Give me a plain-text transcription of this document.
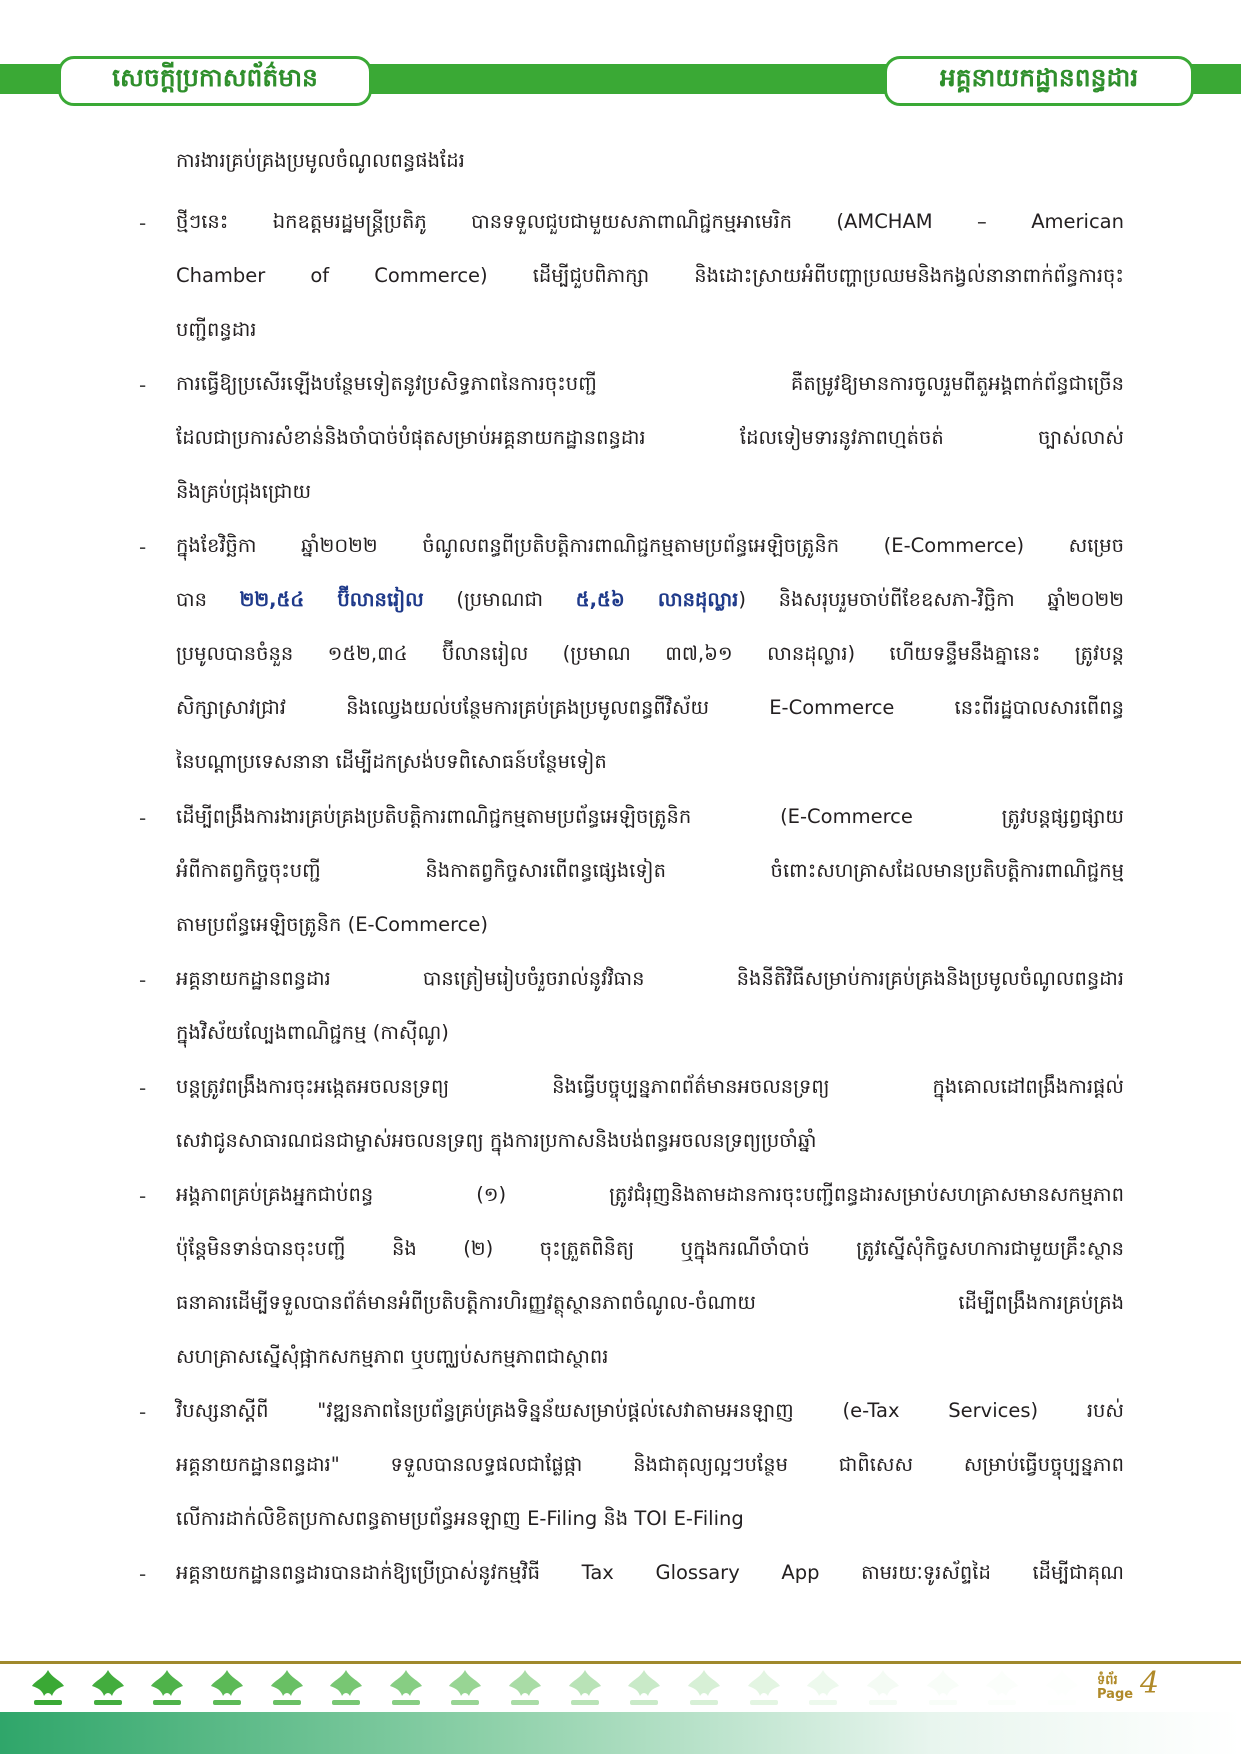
សេចក្តីប្រកាសព័ត៌មាន	អគ្គនាយកដ្ឋានពន្ធដារ
ការងារគ្រប់គ្រងប្រមូលចំណូលពន្ធផងដែរ
- ថ្មីៗនេះ ឯកឧត្តមរដ្ឋមន្ត្រីប្រតិភូ បានទទួលជួបជាមួយសភាពាណិជ្ជកម្មអាមេរិក (AMCHAM – American
Chamber of Commerce) ដើម្បីជួបពិភាក្សា និងដោះស្រាយអំពីបញ្ហាប្រឈមនិងកង្វល់នានាពាក់ព័ន្ធការចុះ
បញ្ជីពន្ធដារ
- ការធ្វើឱ្យប្រសើរឡើងបន្ថែមទៀតនូវប្រសិទ្ធភាពនៃការចុះបញ្ជី គឺតម្រូវឱ្យមានការចូលរួមពីតួអង្គពាក់ព័ន្ធជាច្រើន
ដែលជាប្រការសំខាន់និងចាំបាច់បំផុតសម្រាប់អគ្គនាយកដ្ឋានពន្ធដារ ដែលទៀមទារនូវភាពហ្មត់ចត់ ច្បាស់លាស់
និងគ្រប់ជ្រុងជ្រោយ
- ក្នុងខែវិច្ឆិកា ឆ្នាំ២០២២ ចំណូលពន្ធពីប្រតិបត្តិការពាណិជ្ជកម្មតាមប្រព័ន្ធអេឡិចត្រូនិក (E-Commerce) សម្រេច
បាន ២២,៥៤ ប៊ីលានរៀល (ប្រមាណជា ៥,៥៦ លានដុល្លារ) និងសរុបរួមចាប់ពីខែឧសភា-វិច្ឆិកា ឆ្នាំ២០២២
ប្រមូលបានចំនួន ១៥២,៣៤ ប៊ីលានរៀល (ប្រមាណ ៣៧,៦១ លានដុល្លារ) ហើយទន្ទឹមនឹងគ្នានេះ ត្រូវបន្ត
សិក្សាស្រាវជ្រាវ និងឈ្វេងយល់បន្ថែមការគ្រប់គ្រងប្រមូលពន្ធពីវិស័យ E-Commerce នេះពីរដ្ឋបាលសារពើពន្ធ
នៃបណ្តាប្រទេសនានា ដើម្បីដកស្រង់បទពិសោធន៍បន្ថែមទៀត
- ដើម្បីពង្រឹងការងារគ្រប់គ្រងប្រតិបត្តិការពាណិជ្ជកម្មតាមប្រព័ន្ធអេឡិចត្រូនិក (E-Commerce ត្រូវបន្តផ្សព្វផ្សាយ
អំពីកាតព្វកិច្ចចុះបញ្ជី និងកាតព្វកិច្ចសារពើពន្ធផ្សេងទៀត ចំពោះសហគ្រាសដែលមានប្រតិបត្តិការពាណិជ្ជកម្ម
តាមប្រព័ន្ធអេឡិចត្រូនិក (E-Commerce)
- អគ្គនាយកដ្ឋានពន្ធដារ បានត្រៀមរៀបចំរួចរាល់នូវវិធាន និងនីតិវិធីសម្រាប់ការគ្រប់គ្រងនិងប្រមូលចំណូលពន្ធដារ
ក្នុងវិស័យល្បែងពាណិជ្ជកម្ម (កាស៊ីណូ)
- បន្តត្រូវពង្រឹងការចុះអង្កេតអចលនទ្រព្យ និងធ្វើបច្ចុប្បន្នភាពព័ត៌មានអចលនទ្រព្យ ក្នុងគោលដៅពង្រឹងការផ្តល់
សេវាជូនសាធារណជនជាម្ចាស់អចលនទ្រព្យ ក្នុងការប្រកាសនិងបង់ពន្ធអចលនទ្រព្យប្រចាំឆ្នាំ
- អង្គភាពគ្រប់គ្រងអ្នកជាប់ពន្ធ (១) ត្រូវជំរុញនិងតាមដានការចុះបញ្ជីពន្ធដារសម្រាប់សហគ្រាសមានសកម្មភាព
ប៉ុន្តែមិនទាន់បានចុះបញ្ជី និង (២) ចុះត្រួតពិនិត្យ ឬក្នុងករណីចាំបាច់ ត្រូវស្នើសុំកិច្ចសហការជាមួយគ្រឹះស្ថាន
ធនាគារដើម្បីទទួលបានព័ត៌មានអំពីប្រតិបត្តិការហិរញ្ញវត្ថុស្ថានភាពចំណូល-ចំណាយ ដើម្បីពង្រឹងការគ្រប់គ្រង
សហគ្រាសស្នើសុំផ្អាកសកម្មភាព ឬបញ្ឈប់សកម្មភាពជាស្ថាពរ
- វិបស្សនាស្តីពី "វឌ្ឍនភាពនៃប្រព័ន្ធគ្រប់គ្រងទិន្នន័យសម្រាប់ផ្តល់សេវាតាមអនឡាញ (e-Tax Services) របស់
អគ្គនាយកដ្ឋានពន្ធដារ" ទទួលបានលទ្ធផលជាផ្លែផ្កា និងជាតុល្យល្អៗបន្ថែម ជាពិសេស សម្រាប់ធ្វើបច្ចុប្បន្នភាព
លើការដាក់លិខិតប្រកាសពន្ធតាមប្រព័ន្ធអនឡាញ E-Filing និង TOI E-Filing
- អគ្គនាយកដ្ឋានពន្ធដារបានដាក់ឱ្យប្រើប្រាស់នូវកម្មវិធី Tax Glossary App តាមរយៈទូរស័ព្ទដៃ ដើម្បីជាគុណ
ទំព័រ
Page 4
